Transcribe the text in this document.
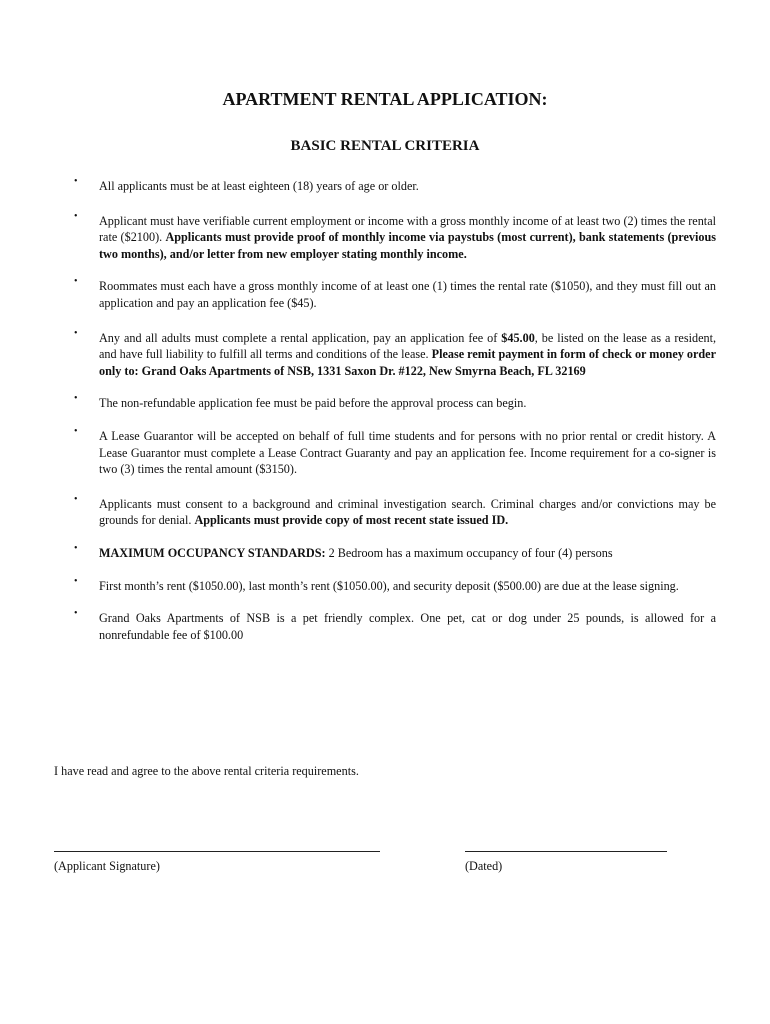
APARTMENT RENTAL APPLICATION:
BASIC RENTAL CRITERIA
• All applicants must be at least eighteen (18) years of age or older.
• Applicant must have verifiable current employment or income with a gross monthly income of at least two (2) times the rental rate ($2100). Applicants must provide proof of monthly income via paystubs (most current), bank statements (previous two months), and/or letter from new employer stating monthly income.
• Roommates must each have a gross monthly income of at least one (1) times the rental rate ($1050), and they must fill out an application and pay an application fee ($45).
• Any and all adults must complete a rental application, pay an application fee of $45.00, be listed on the lease as a resident, and have full liability to fulfill all terms and conditions of the lease. Please remit payment in form of check or money order only to: Grand Oaks Apartments of NSB, 1331 Saxon Dr. #122, New Smyrna Beach, FL 32169
• The non-refundable application fee must be paid before the approval process can begin.
• A Lease Guarantor will be accepted on behalf of full time students and for persons with no prior rental or credit history. A Lease Guarantor must complete a Lease Contract Guaranty and pay an application fee. Income requirement for a co-signer is two (3) times the rental amount ($3150).
• Applicants must consent to a background and criminal investigation search. Criminal charges and/or convictions may be grounds for denial. Applicants must provide copy of most recent state issued ID.
• MAXIMUM OCCUPANCY STANDARDS: 2 Bedroom has a maximum occupancy of four (4) persons
• First month’s rent ($1050.00), last month’s rent ($1050.00), and security deposit ($500.00) are due at the lease signing.
• Grand Oaks Apartments of NSB is a pet friendly complex. One pet, cat or dog under 25 pounds, is allowed for a nonrefundable fee of $100.00

I have read and agree to the above rental criteria requirements.

(Applicant Signature)	(Dated)
